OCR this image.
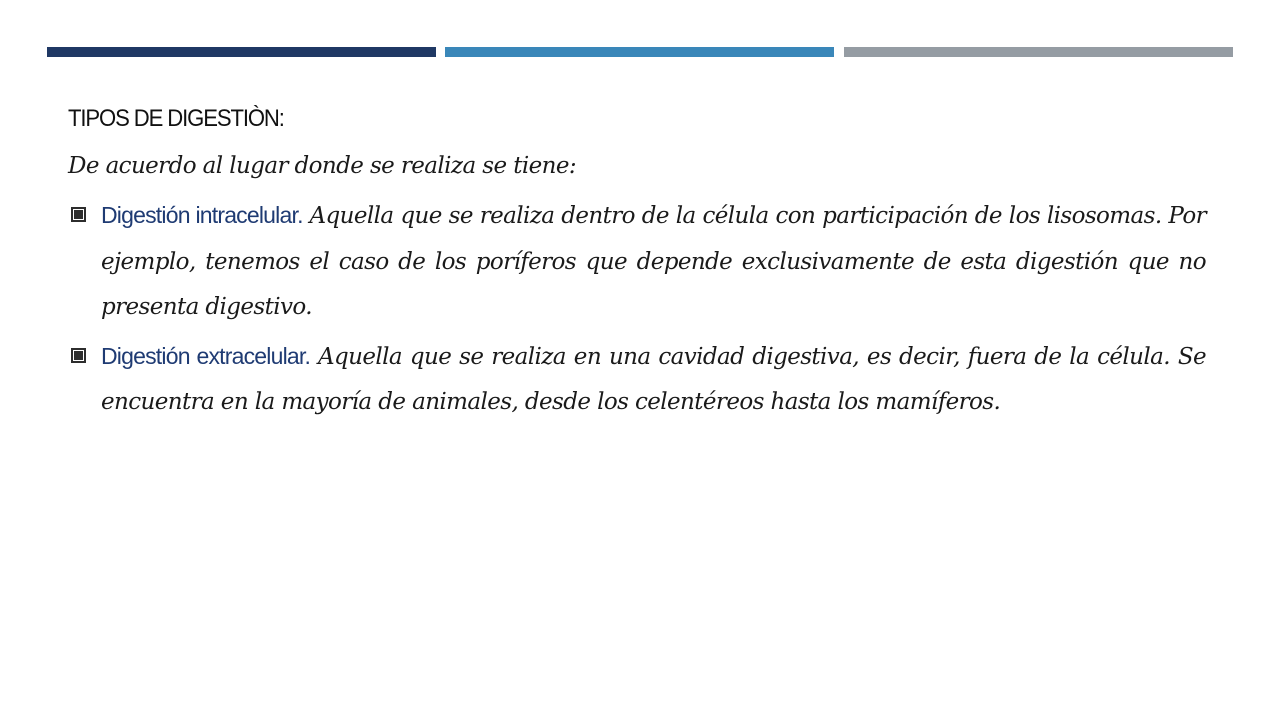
TIPOS DE DIGESTIÒN:
De acuerdo al lugar donde se realiza se tiene:
Digestión intracelular. Aquella que se realiza dentro de la célula con participación de los lisosomas. Por ejemplo, tenemos el caso de los poríferos que depende exclusivamente de esta digestión que no presenta digestivo.
Digestión extracelular. Aquella que se realiza en una cavidad digestiva, es decir, fuera de la célula. Se encuentra en la mayoría de animales, desde los celentéreos hasta los mamíferos.
